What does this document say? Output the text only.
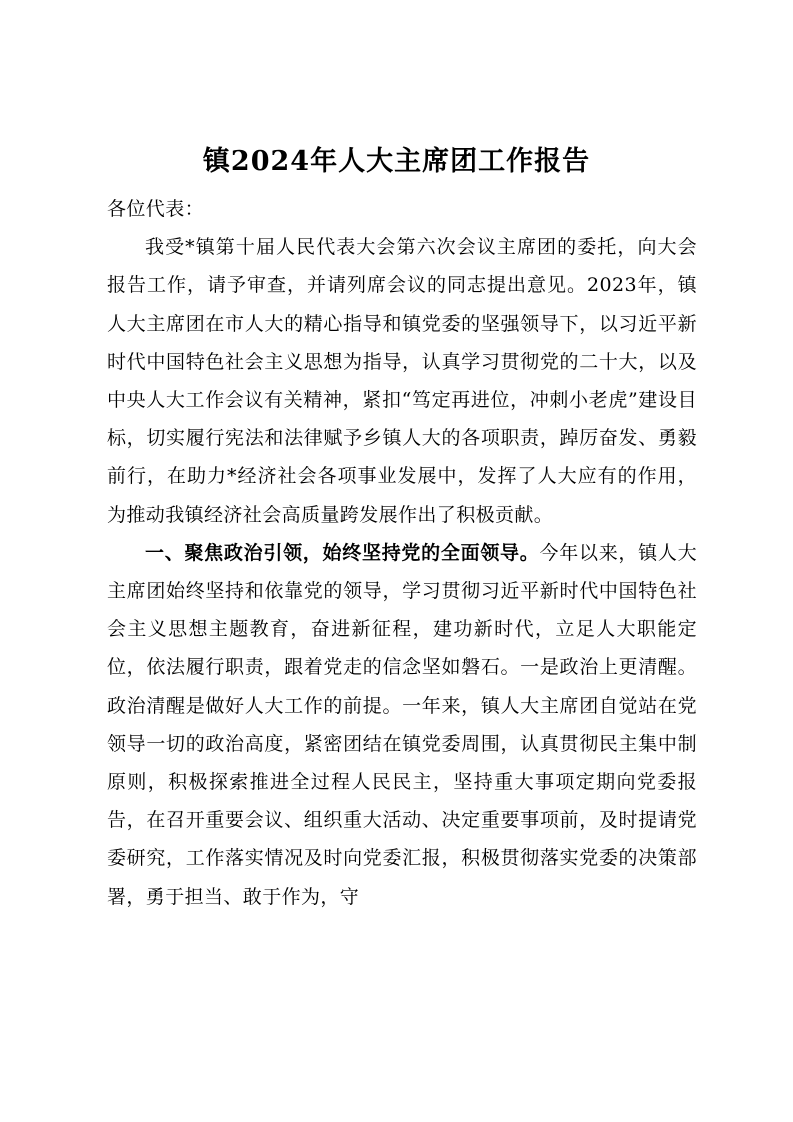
镇2024年人大主席团工作报告

各位代表：

我受*镇第十届人民代表大会第六次会议主席团的委托，向大会报告工作，请予审查，并请列席会议的同志提出意见。2023年，镇人大主席团在市人大的精心指导和镇党委的坚强领导下，以习近平新时代中国特色社会主义思想为指导，认真学习贯彻党的二十大，以及中央人大工作会议有关精神，紧扣“笃定再进位，冲刺小老虎”建设目标，切实履行宪法和法律赋予乡镇人大的各项职责，踔厉奋发、勇毅前行，在助力*经济社会各项事业发展中，发挥了人大应有的作用，为推动我镇经济社会高质量跨发展作出了积极贡献。

一、聚焦政治引领，始终坚持党的全面领导。今年以来，镇人大主席团始终坚持和依靠党的领导，学习贯彻习近平新时代中国特色社会主义思想主题教育，奋进新征程，建功新时代，立足人大职能定位，依法履行职责，跟着党走的信念坚如磐石。一是政治上更清醒。政治清醒是做好人大工作的前提。一年来，镇人大主席团自觉站在党领导一切的政治高度，紧密团结在镇党委周围，认真贯彻民主集中制原则，积极探索推进全过程人民民主，坚持重大事项定期向党委报告，在召开重要会议、组织重大活动、决定重要事项前，及时提请党委研究，工作落实情况及时向党委汇报，积极贯彻落实党委的决策部署，勇于担当、敢于作为，守
